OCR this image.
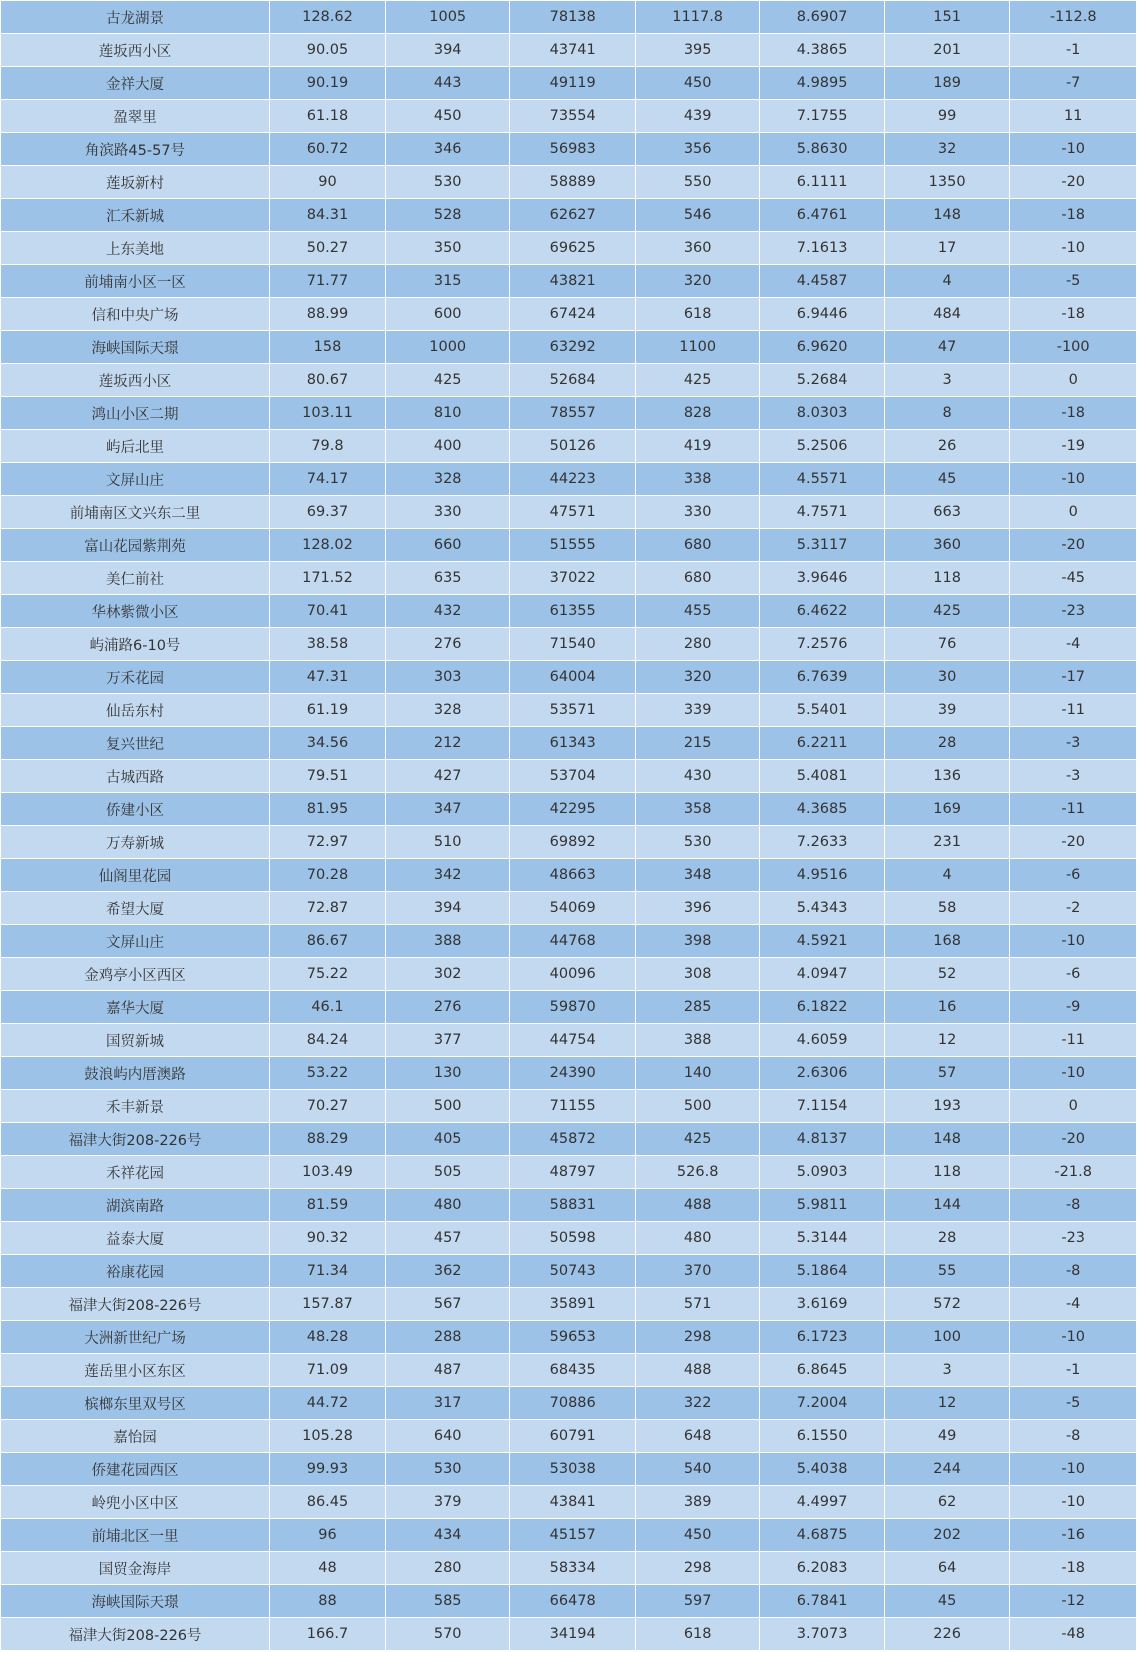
古龙湖景	128.62	1005	78138	1117.8	8.6907	151	-112.8
莲坂西小区	90.05	394	43741	395	4.3865	201	-1
金祥大厦	90.19	443	49119	450	4.9895	189	-7
盈翠里	61.18	450	73554	439	7.1755	99	11
角滨路45-57号	60.72	346	56983	356	5.8630	32	-10
莲坂新村	90	530	58889	550	6.1111	1350	-20
汇禾新城	84.31	528	62627	546	6.4761	148	-18
上东美地	50.27	350	69625	360	7.1613	17	-10
前埔南小区一区	71.77	315	43821	320	4.4587	4	-5
信和中央广场	88.99	600	67424	618	6.9446	484	-18
海峡国际天璟	158	1000	63292	1100	6.9620	47	-100
莲坂西小区	80.67	425	52684	425	5.2684	3	0
鸿山小区二期	103.11	810	78557	828	8.0303	8	-18
屿后北里	79.8	400	50126	419	5.2506	26	-19
文屏山庄	74.17	328	44223	338	4.5571	45	-10
前埔南区文兴东二里	69.37	330	47571	330	4.7571	663	0
富山花园紫荆苑	128.02	660	51555	680	5.3117	360	-20
美仁前社	171.52	635	37022	680	3.9646	118	-45
华林紫微小区	70.41	432	61355	455	6.4622	425	-23
屿浦路6-10号	38.58	276	71540	280	7.2576	76	-4
万禾花园	47.31	303	64004	320	6.7639	30	-17
仙岳东村	61.19	328	53571	339	5.5401	39	-11
复兴世纪	34.56	212	61343	215	6.2211	28	-3
古城西路	79.51	427	53704	430	5.4081	136	-3
侨建小区	81.95	347	42295	358	4.3685	169	-11
万寿新城	72.97	510	69892	530	7.2633	231	-20
仙阁里花园	70.28	342	48663	348	4.9516	4	-6
希望大厦	72.87	394	54069	396	5.4343	58	-2
文屏山庄	86.67	388	44768	398	4.5921	168	-10
金鸡亭小区西区	75.22	302	40096	308	4.0947	52	-6
嘉华大厦	46.1	276	59870	285	6.1822	16	-9
国贸新城	84.24	377	44754	388	4.6059	12	-11
鼓浪屿内厝澳路	53.22	130	24390	140	2.6306	57	-10
禾丰新景	70.27	500	71155	500	7.1154	193	0
福津大街208-226号	88.29	405	45872	425	4.8137	148	-20
禾祥花园	103.49	505	48797	526.8	5.0903	118	-21.8
湖滨南路	81.59	480	58831	488	5.9811	144	-8
益泰大厦	90.32	457	50598	480	5.3144	28	-23
裕康花园	71.34	362	50743	370	5.1864	55	-8
福津大街208-226号	157.87	567	35891	571	3.6169	572	-4
大洲新世纪广场	48.28	288	59653	298	6.1723	100	-10
莲岳里小区东区	71.09	487	68435	488	6.8645	3	-1
槟榔东里双号区	44.72	317	70886	322	7.2004	12	-5
嘉怡园	105.28	640	60791	648	6.1550	49	-8
侨建花园西区	99.93	530	53038	540	5.4038	244	-10
岭兜小区中区	86.45	379	43841	389	4.4997	62	-10
前埔北区一里	96	434	45157	450	4.6875	202	-16
国贸金海岸	48	280	58334	298	6.2083	64	-18
海峡国际天璟	88	585	66478	597	6.7841	45	-12
福津大街208-226号	166.7	570	34194	618	3.7073	226	-48
